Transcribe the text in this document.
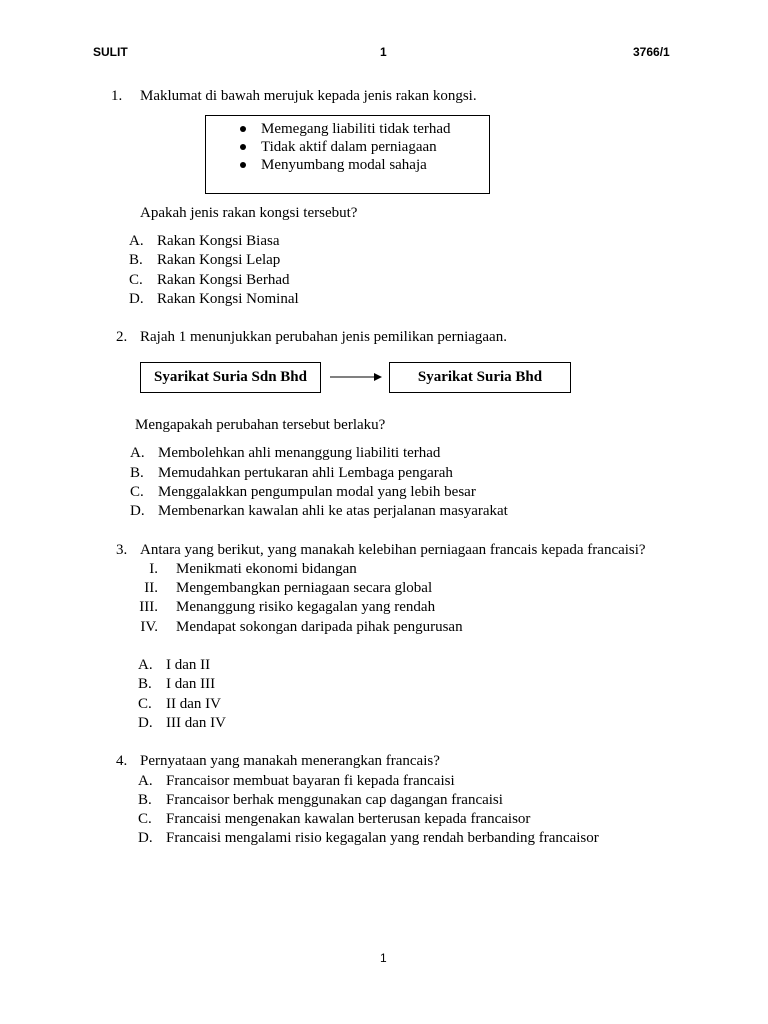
SULIT	1	3766/1
1. Maklumat di bawah merujuk kepada jenis rakan kongsi.
Memegang liabiliti tidak terhad
Tidak aktif dalam perniagaan
Menyumbang modal sahaja
Apakah jenis rakan kongsi tersebut?
A. Rakan Kongsi Biasa
B. Rakan Kongsi Lelap
C. Rakan Kongsi Berhad
D. Rakan Kongsi Nominal
2. Rajah 1 menunjukkan perubahan jenis pemilikan perniagaan.
Syarikat Suria Sdn Bhd	Syarikat Suria Bhd
Mengapakah perubahan tersebut berlaku?
A. Membolehkan ahli menanggung liabiliti terhad
B. Memudahkan pertukaran ahli Lembaga pengarah
C. Menggalakkan pengumpulan modal yang lebih besar
D. Membenarkan kawalan ahli ke atas perjalanan masyarakat
3. Antara yang berikut, yang manakah kelebihan perniagaan francais kepada francaisi?
I. Menikmati ekonomi bidangan
II. Mengembangkan perniagaan secara global
III. Menanggung risiko kegagalan yang rendah
IV. Mendapat sokongan daripada pihak pengurusan
A. I dan II
B. I dan III
C. II dan IV
D. III dan IV
4. Pernyataan yang manakah menerangkan francais?
A. Francaisor membuat bayaran fi kepada francaisi
B. Francaisor berhak menggunakan cap dagangan francaisi
C. Francaisi mengenakan kawalan berterusan kepada francaisor
D. Francaisi mengalami risio kegagalan yang rendah berbanding francaisor
1
